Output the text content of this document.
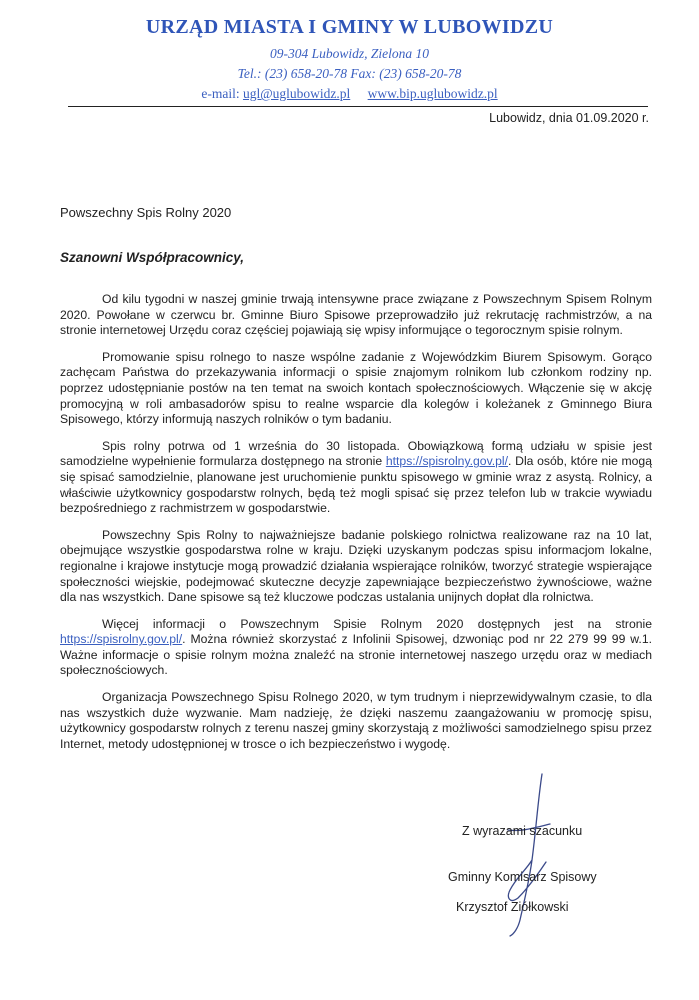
URZĄD MIASTA I GMINY W LUBOWIDZU
09-304 Lubowidz, Zielona 10
Tel.: (23) 658-20-78 Fax: (23) 658-20-78
e-mail: ugl@uglubowidz.pl www.bip.uglubowidz.pl
Lubowidz, dnia 01.09.2020 r.
Powszechny Spis Rolny 2020
Szanowni Współpracownicy,

Od kilu tygodni w naszej gminie trwają intensywne prace związane z Powszechnym Spisem Rolnym 2020. Powołane w czerwcu br. Gminne Biuro Spisowe przeprowadziło już rekrutację rachmistrzów, a na stronie internetowej Urzędu coraz częściej pojawiają się wpisy informujące o tegorocznym spisie rolnym.

Promowanie spisu rolnego to nasze wspólne zadanie z Wojewódzkim Biurem Spisowym. Gorąco zachęcam Państwa do przekazywania informacji o spisie znajomym rolnikom lub członkom rodziny np. poprzez udostępnianie postów na ten temat na swoich kontach społecznościowych. Włączenie się w akcję promocyjną w roli ambasadorów spisu to realne wsparcie dla kolegów i koleżanek z Gminnego Biura Spisowego, którzy informują naszych rolników o tym badaniu.

Spis rolny potrwa od 1 września do 30 listopada. Obowiązkową formą udziału w spisie jest samodzielne wypełnienie formularza dostępnego na stronie https://spisrolny.gov.pl/. Dla osób, które nie mogą się spisać samodzielnie, planowane jest uruchomienie punktu spisowego w gminie wraz z asystą. Rolnicy, a właściwie użytkownicy gospodarstw rolnych, będą też mogli spisać się przez telefon lub w trakcie wywiadu bezpośredniego z rachmistrzem w gospodarstwie.

Powszechny Spis Rolny to najważniejsze badanie polskiego rolnictwa realizowane raz na 10 lat, obejmujące wszystkie gospodarstwa rolne w kraju. Dzięki uzyskanym podczas spisu informacjom lokalne, regionalne i krajowe instytucje mogą prowadzić działania wspierające rolników, tworzyć strategie wspierające społeczności wiejskie, podejmować skuteczne decyzje zapewniające bezpieczeństwo żywnościowe, ważne dla nas wszystkich. Dane spisowe są też kluczowe podczas ustalania unijnych dopłat dla rolnictwa.

Więcej informacji o Powszechnym Spisie Rolnym 2020 dostępnych jest na stronie https://spisrolny.gov.pl/. Można również skorzystać z Infolinii Spisowej, dzwoniąc pod nr 22 279 99 99 w.1. Ważne informacje o spisie rolnym można znaleźć na stronie internetowej naszego urzędu oraz w mediach społecznościowych.

Organizacja Powszechnego Spisu Rolnego 2020, w tym trudnym i nieprzewidywalnym czasie, to dla nas wszystkich duże wyzwanie. Mam nadzieję, że dzięki naszemu zaangażowaniu w promocję spisu, użytkownicy gospodarstw rolnych z terenu naszej gminy skorzystają z możliwości samodzielnego spisu przez Internet, metody udostępnionej w trosce o ich bezpieczeństwo i wygodę.

Z wyrazami szacunku
Gminny Komisarz Spisowy
Krzysztof Ziółkowski
